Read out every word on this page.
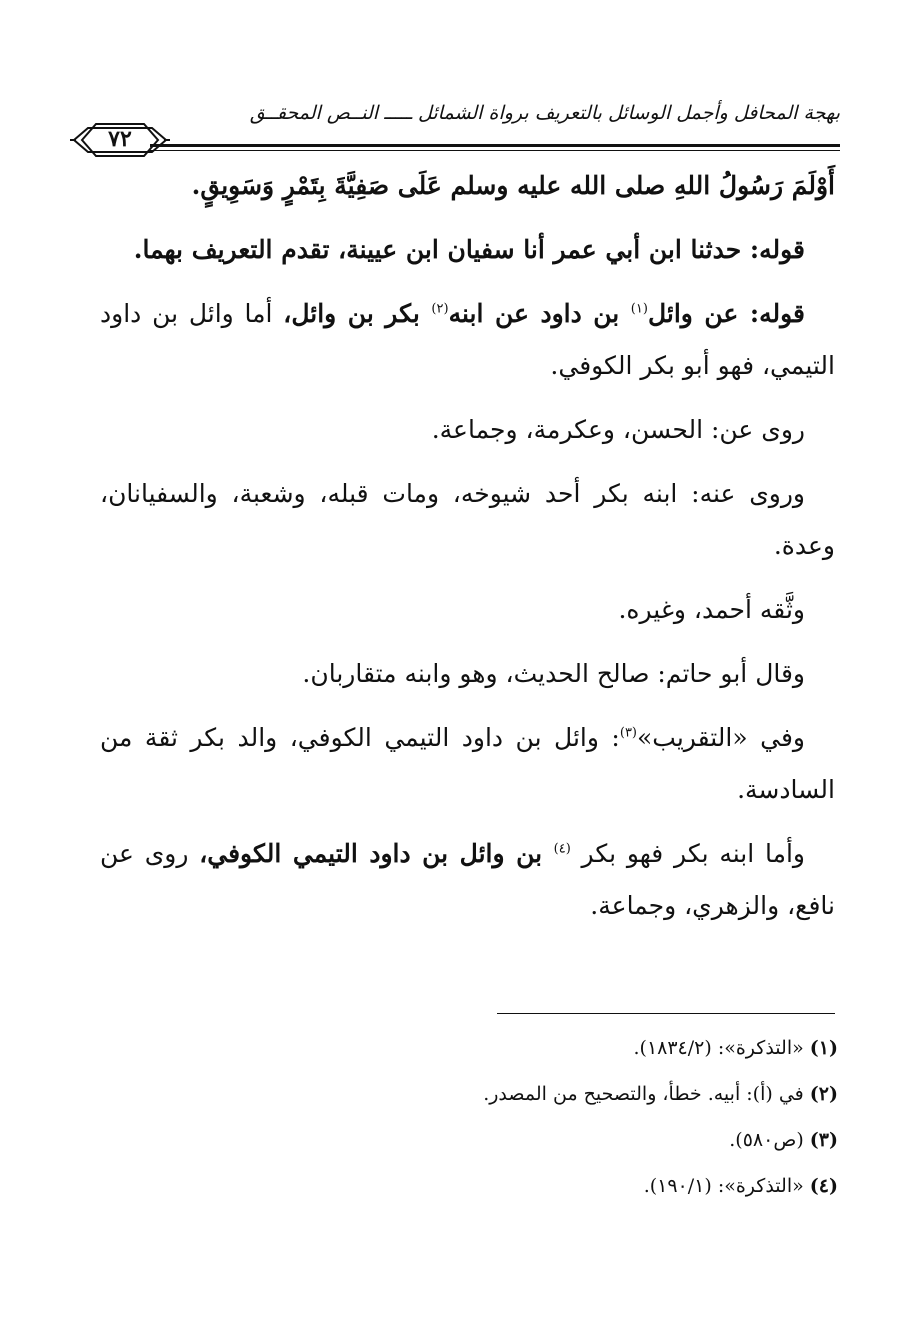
بهجة المحافل وأجمل الوسائل بالتعريف برواة الشمائل ـــــ النــص المحقــق
٧٢

أَوْلَمَ رَسُولُ اللهِ صلى الله عليه وسلم عَلَى صَفِيَّةَ بِتَمْرٍ وَسَوِيقٍ.

قوله: حدثنا ابن أبي عمر أنا سفيان ابن عيينة، تقدم التعريف بهما.

قوله: عن وائل$^{(١)}$ بن داود عن ابنه$^{(٢)}$ بكر بن وائل، أما وائل بن داود التيمي، فهو أبو بكر الكوفي.

روى عن: الحسن، وعكرمة، وجماعة.

وروى عنه: ابنه بكر أحد شيوخه، ومات قبله، وشعبة، والسفيانان، وعدة.

وثَّقه أحمد، وغيره.

وقال أبو حاتم: صالح الحديث، وهو وابنه متقاربان.

وفي «التقريب»$^{(٣)}$: وائل بن داود التيمي الكوفي، والد بكر ثقة من السادسة.

وأما ابنه بكر فهو بكر $^{(٤)}$ بن وائل بن داود التيمي الكوفي، روى عن نافع، والزهري، وجماعة.

(١) «التذكرة»: (١٨٣٤/٢).

(٢) في (أ): أبيه. خطأ، والتصحيح من المصدر.

(٣) (ص٥٨٠).

(٤) «التذكرة»: (١٩٠/١).
